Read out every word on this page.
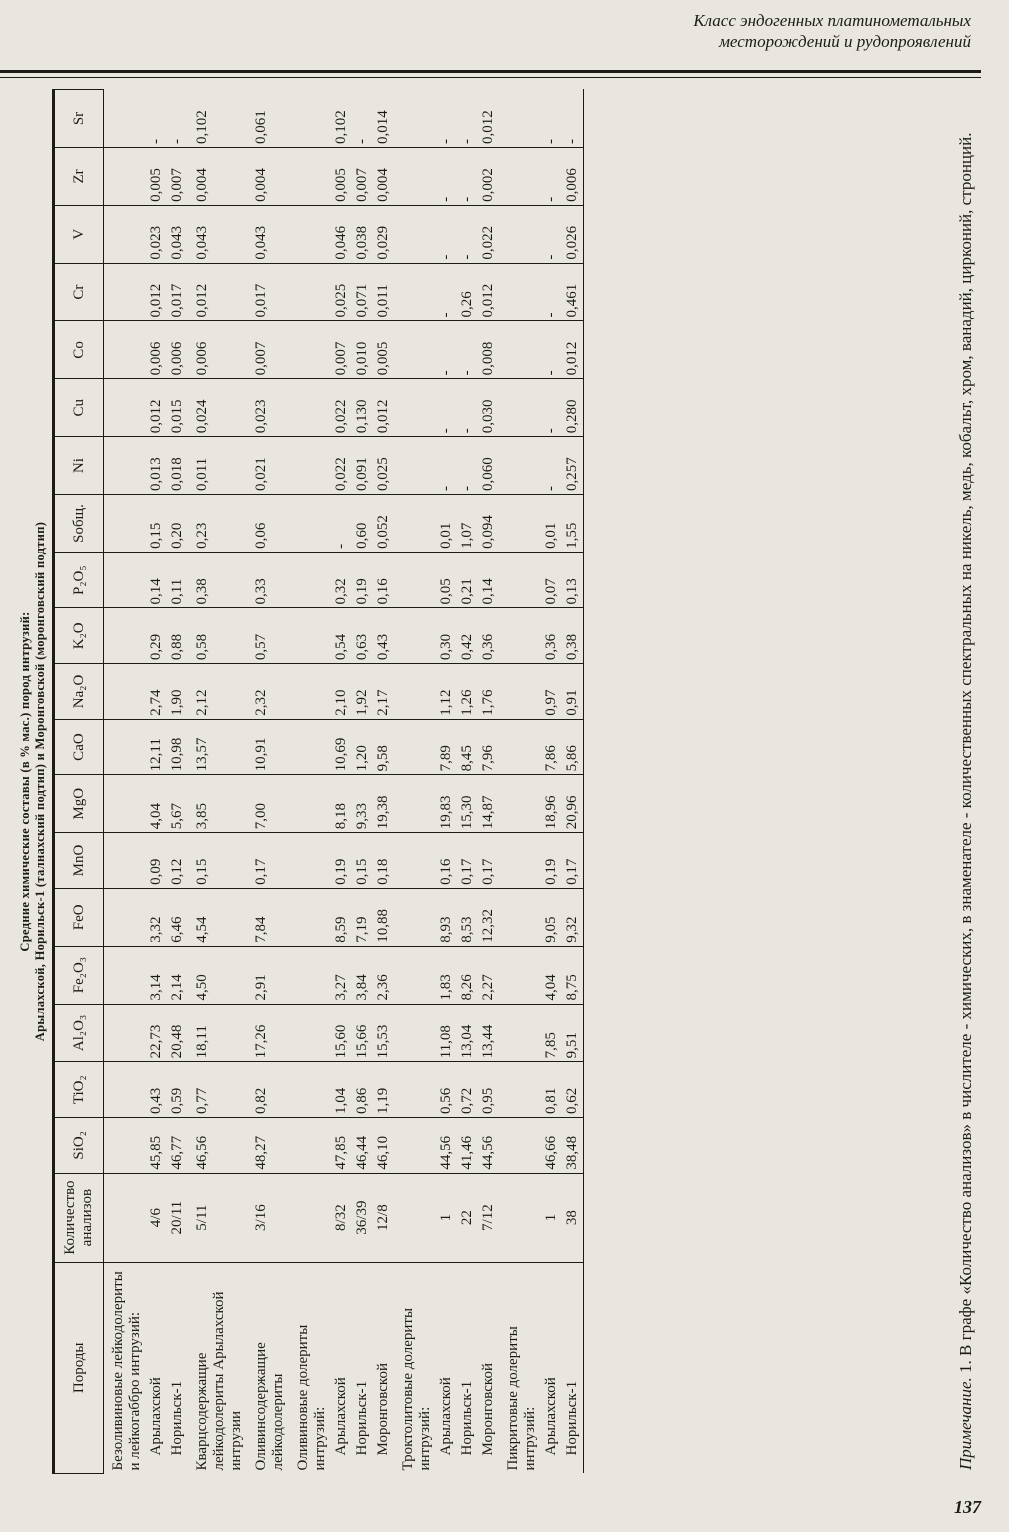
Класс эндогенных платинометальных
месторождений и рудопроявлений
Средние химические составы (в % мас.) пород интрузий: Арылахской, Норильск-1 (талнахский подтип) и Моронговской (моронговский подтип)
Породы	Количество анализов	SiO₂	TiO₂	Al₂O₃	Fe₂O₃	FeO	MnO	MgO	CaO	Na₂O	K₂O	P₂O₅	Sобщ.	Ni	Cu	Co	Cr	V	Zr	Sr
Безоливиновые лейкодолериты и лейкогаббро интрузий:																				
Арылахской	4/6	45,85	0,43	22,73	3,14	3,32	0,09	4,04	12,11	2,74	0,29	0,14	0,15	0,013	0,012	0,006	0,012	0,023	0,005	-
Норильск-1	20/11	46,77	0,59	20,48	2,14	6,46	0,12	5,67	10,98	1,90	0,88	0,11	0,20	0,018	0,015	0,006	0,017	0,043	0,007	-
Кварцсодержащие лейкодолериты Арылахской интрузии	5/11	46,56	0,77	18,11	4,50	4,54	0,15	3,85	13,57	2,12	0,58	0,38	0,23	0,011	0,024	0,006	0,012	0,043	0,004	0,102
Оливинсодержащие лейкодолериты	3/16	48,27	0,82	17,26	2,91	7,84	0,17	7,00	10,91	2,32	0,57	0,33	0,06	0,021	0,023	0,007	0,017	0,043	0,004	0,061
Оливиновые долериты интрузий:																				
Арылахской	8/32	47,85	1,04	15,60	3,27	8,59	0,19	8,18	10,69	2,10	0,54	0,32	-	0,022	0,022	0,007	0,025	0,046	0,005	0,102
Норильск-1	36/39	46,44	0,86	15,66	3,84	7,19	0,15	9,33	1,20	1,92	0,63	0,19	0,60	0,091	0,130	0,010	0,071	0,038	0,007	-
Моронговской	12/8	46,10	1,19	15,53	2,36	10,88	0,18	19,38	9,58	2,17	0,43	0,16	0,052	0,025	0,012	0,005	0,011	0,029	0,004	0,014
Троктолитовые долериты интрузий:																				
Арылахской	1	44,56	0,56	11,08	1,83	8,93	0,16	19,83	7,89	1,12	0,30	0,05	0,01	-	-	-	-	-	-	-
Норильск-1	22	41,46	0,72	13,04	8,26	8,53	0,17	15,30	8,45	1,26	0,42	0,21	1,07	-	-	-	0,26	-	-	-
Моронговской	7/12	44,56	0,95	13,44	2,27	12,32	0,17	14,87	7,96	1,76	0,36	0,14	0,094	0,060	0,030	0,008	0,012	0,022	0,002	0,012
Пикритовые долериты интрузий:																				
Арылахской	1	46,66	0,81	7,85	4,04	9,05	0,19	18,96	7,86	0,97	0,36	0,07	0,01	-	-	-	-	-	-	-
Норильск-1	38	38,48	0,62	9,51	8,75	9,32	0,17	20,96	5,86	0,91	0,38	0,13	1,55	0,257	0,280	0,012	0,461	0,026	0,006	-
Примечание. 1. В графе «Количество анализов» в числителе - химических, в знаменателе - количественных спектральных на никель, медь, кобальт, хром, ванадий, цирконий, стронций.
137
